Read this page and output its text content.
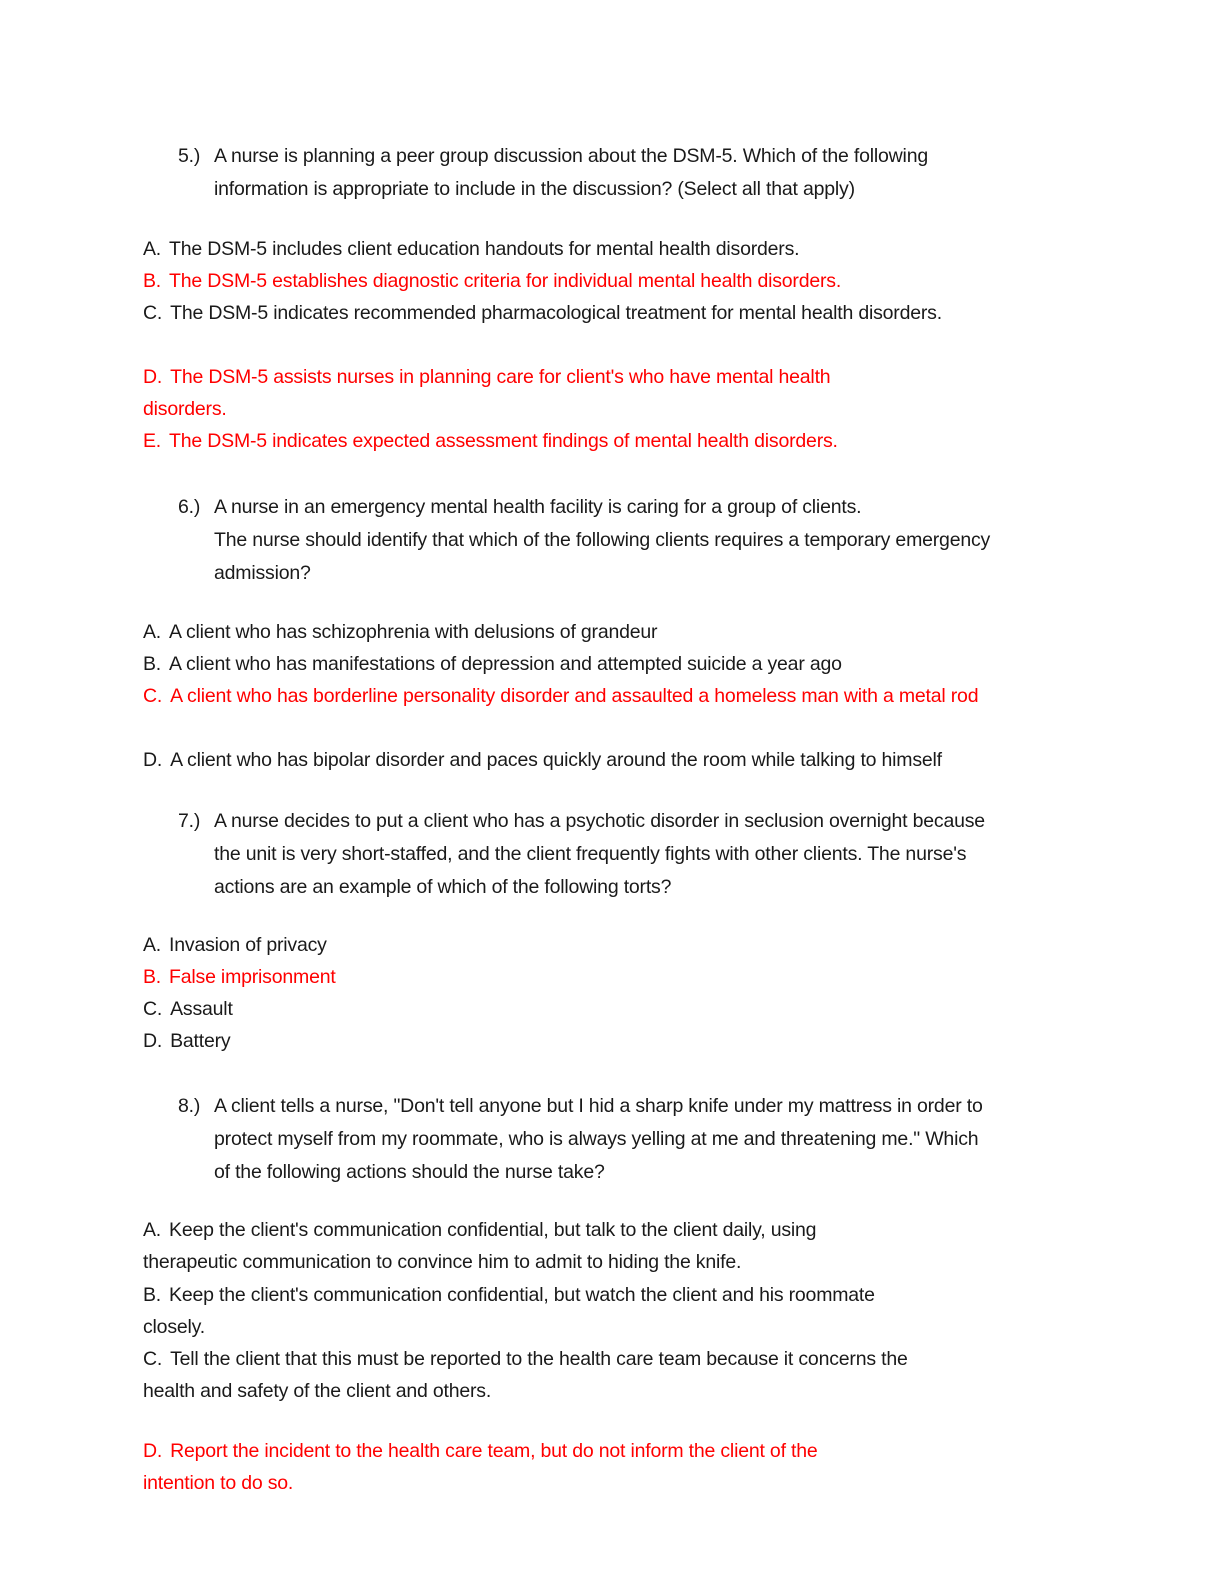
5.) A nurse is planning a peer group discussion about the DSM-5. Which of the following
information is appropriate to include in the discussion? (Select all that apply)
A. The DSM-5 includes client education handouts for mental health disorders.
B. The DSM-5 establishes diagnostic criteria for individual mental health disorders.
C. The DSM-5 indicates recommended pharmacological treatment for mental health disorders.
D. The DSM-5 assists nurses in planning care for client's who have mental health disorders.
E. The DSM-5 indicates expected assessment findings of mental health disorders.
6.) A nurse in an emergency mental health facility is caring for a group of clients.
The nurse should identify that which of the following clients requires a temporary emergency
admission?
A. A client who has schizophrenia with delusions of grandeur
B. A client who has manifestations of depression and attempted suicide a year ago
C. A client who has borderline personality disorder and assaulted a homeless man with a metal rod
D. A client who has bipolar disorder and paces quickly around the room while talking to himself
7.) A nurse decides to put a client who has a psychotic disorder in seclusion overnight because
the unit is very short-staffed, and the client frequently fights with other clients. The nurse's
actions are an example of which of the following torts?
A. Invasion of privacy
B. False imprisonment
C. Assault
D. Battery
8.) A client tells a nurse, "Don't tell anyone but I hid a sharp knife under my mattress in order to
protect myself from my roommate, who is always yelling at me and threatening me." Which
of the following actions should the nurse take?
A. Keep the client's communication confidential, but talk to the client daily, using therapeutic communication to convince him to admit to hiding the knife.
B. Keep the client's communication confidential, but watch the client and his roommate closely.
C. Tell the client that this must be reported to the health care team because it concerns the health and safety of the client and others.
D. Report the incident to the health care team, but do not inform the client of the intention to do so.
